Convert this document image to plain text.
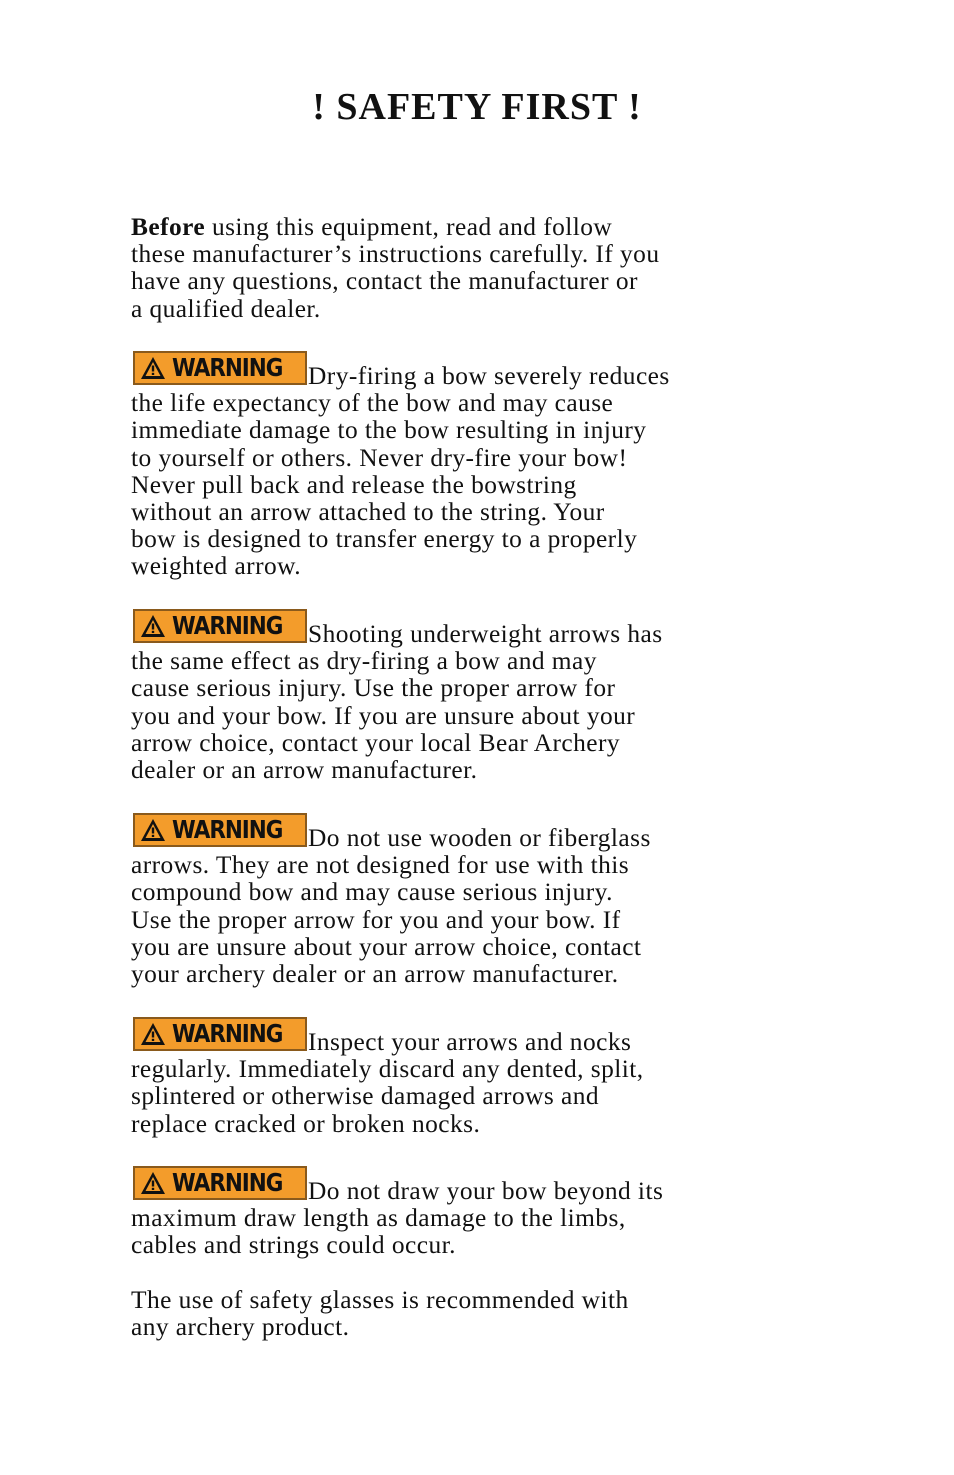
! SAFETY FIRST !
Before using this equipment, read and follow
these manufacturer’s instructions carefully. If you
have any questions, contact the manufacturer or
a qualified dealer.
WARNING Dry-firing a bow severely reduces
the life expectancy of the bow and may cause
immediate damage to the bow resulting in injury
to yourself or others. Never dry-fire your bow!
Never pull back and release the bowstring
without an arrow attached to the string. Your
bow is designed to transfer energy to a properly
weighted arrow.
WARNING Shooting underweight arrows has
the same effect as dry-firing a bow and may
cause serious injury. Use the proper arrow for
you and your bow. If you are unsure about your
arrow choice, contact your local Bear Archery
dealer or an arrow manufacturer.
WARNING Do not use wooden or fiberglass
arrows. They are not designed for use with this
compound bow and may cause serious injury.
Use the proper arrow for you and your bow. If
you are unsure about your arrow choice, contact
your archery dealer or an arrow manufacturer.
WARNING Inspect your arrows and nocks
regularly. Immediately discard any dented, split,
splintered or otherwise damaged arrows and
replace cracked or broken nocks.
WARNING Do not draw your bow beyond its
maximum draw length as damage to the limbs,
cables and strings could occur.
The use of safety glasses is recommended with
any archery product.
